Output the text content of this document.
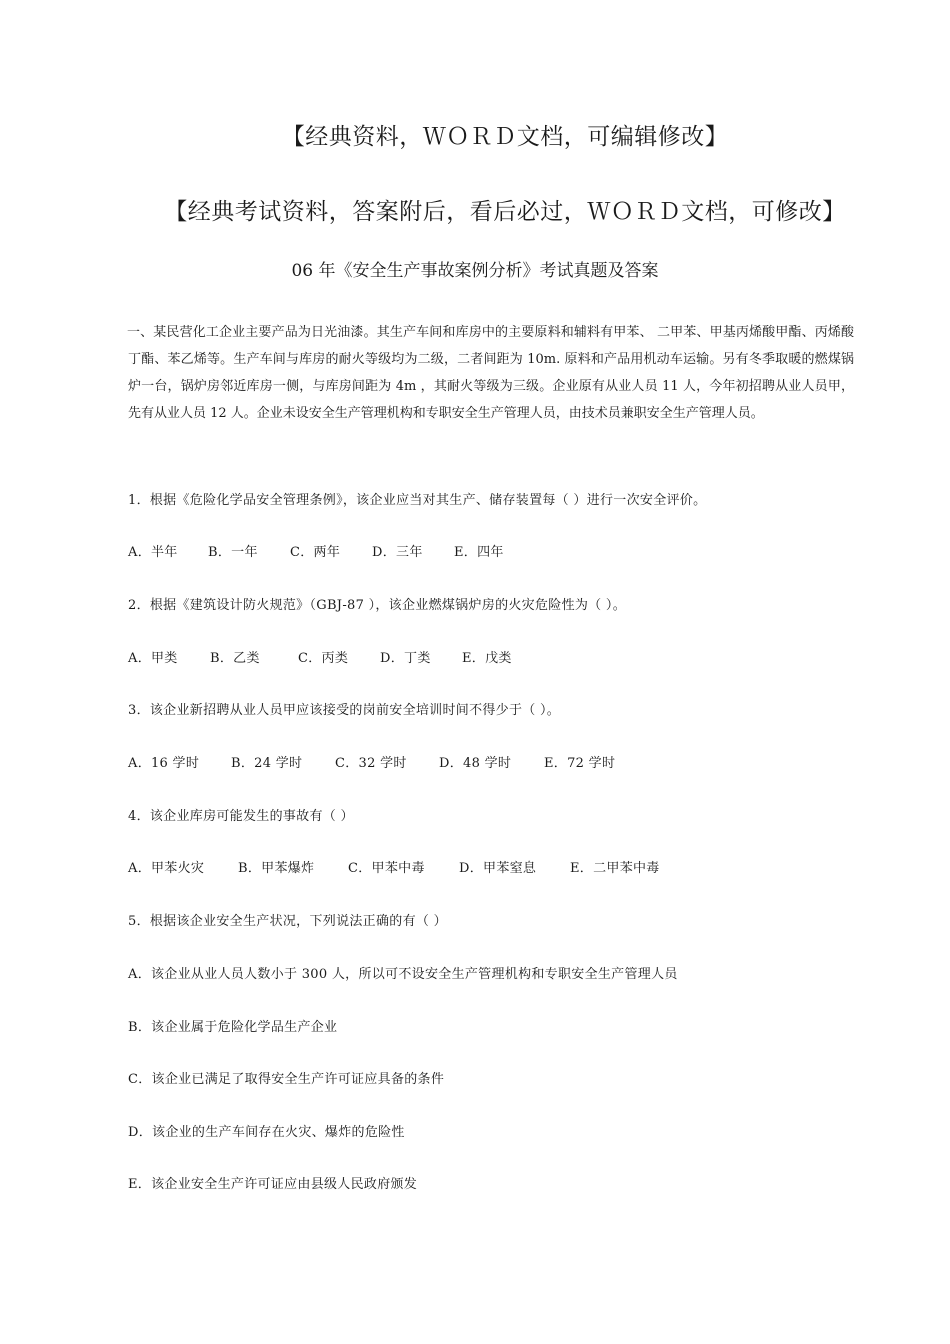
【经典资料，ＷＯＲＤ文档，可编辑修改】
【经典考试资料，答案附后，看后必过，ＷＯＲＤ文档，可修改】
06 年《安全生产事故案例分析》考试真题及答案
一、某民营化工企业主要产品为日光油漆。其生产车间和库房中的主要原料和辅料有甲苯、 二甲苯、甲基丙烯酸甲酯、丙烯酸丁酯、苯乙烯等。生产车间与库房的耐火等级均为二级，二者间距为 10m. 原料和产品用机动车运输。另有冬季取暖的燃煤锅炉一台，锅炉房邻近库房一侧，与库房间距为 4m ，其耐火等级为三级。企业原有从业人员 11 人，今年初招聘从业人员甲， 先有从业人员 12 人。企业未设安全生产管理机构和专职安全生产管理人员，由技术员兼职安全生产管理人员。
1．根据《危险化学品安全管理条例》，该企业应当对其生产、储存装置每（ ）进行一次安全评价。
A．半年 B．一年 C．两年 D．三年 E．四年
2．根据《建筑设计防火规范》（GBJ-87 ），该企业燃煤锅炉房的火灾危险性为（ ）。
A．甲类 B．乙类	C．丙类 D．丁类 E．戊类
3．该企业新招聘从业人员甲应该接受的岗前安全培训时间不得少于（ ）。
A．16 学时 B．24 学时	C．32 学时 D．48 学时	E．72 学时
4．该企业库房可能发生的事故有（ ）
A．甲苯火灾	B．甲苯爆炸	C．甲苯中毒	D．甲苯窒息	E．二甲苯中毒
5．根据该企业安全生产状况，下列说法正确的有（ ）
A．该企业从业人员人数小于 300 人，所以可不设安全生产管理机构和专职安全生产管理人员
B．该企业属于危险化学品生产企业
C．该企业已满足了取得安全生产许可证应具备的条件
D．该企业的生产车间存在火灾、爆炸的危险性
E．该企业安全生产许可证应由县级人民政府颁发
